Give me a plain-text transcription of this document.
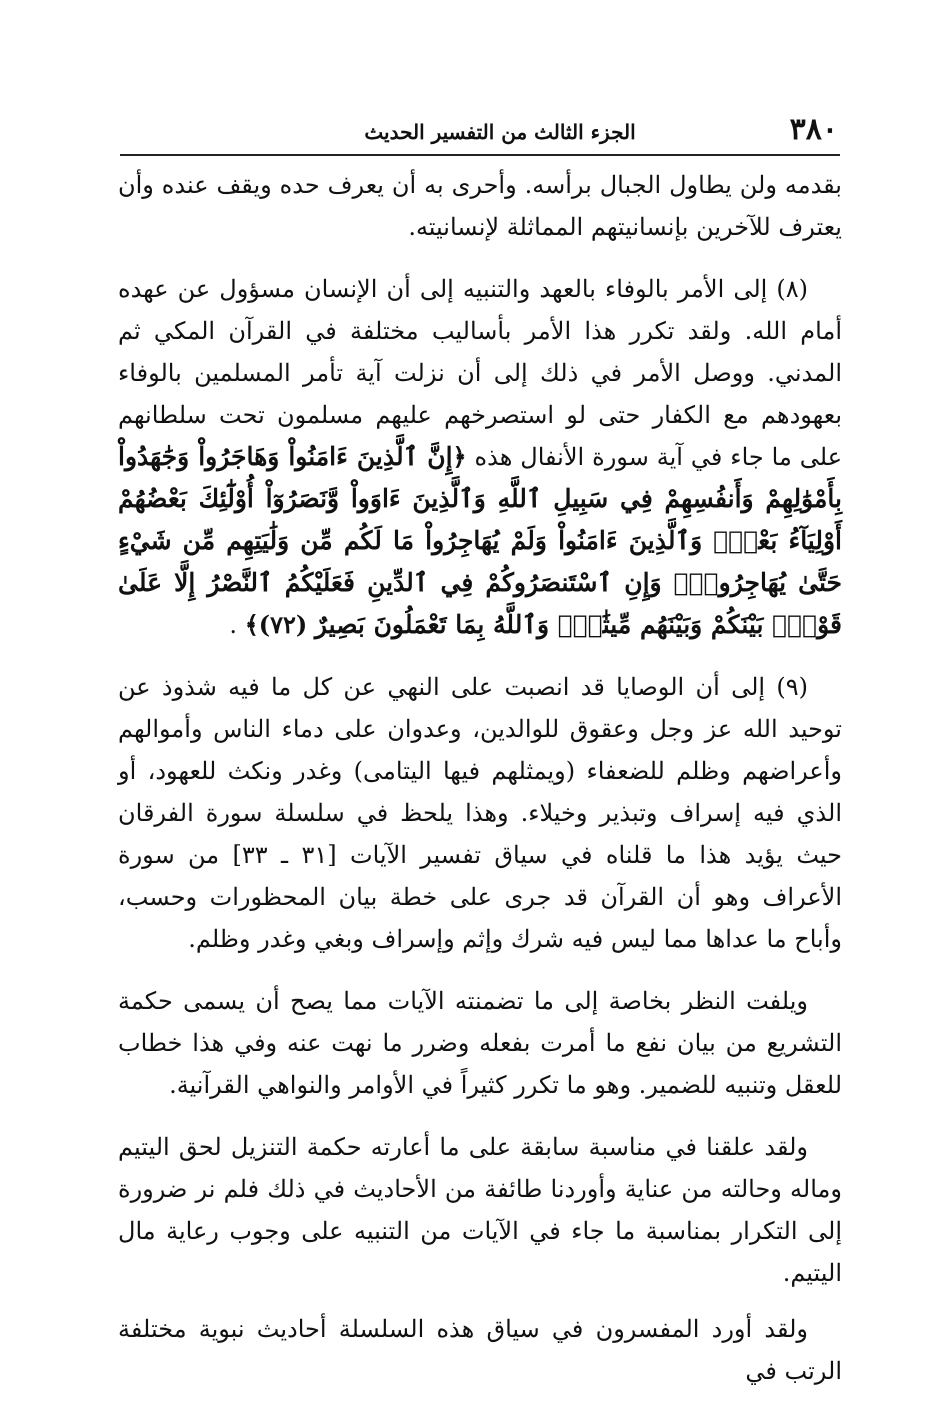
٣٨٠
الجزء الثالث من التفسير الحديث

بقدمه ولن يطاول الجبال برأسه. وأحرى به أن يعرف حده ويقف عنده وأن يعترف للآخرين بإنسانيتهم المماثلة لإنسانيته.

(٨) إلى الأمر بالوفاء بالعهد والتنبيه إلى أن الإنسان مسؤول عن عهده أمام الله. ولقد تكرر هذا الأمر بأساليب مختلفة في القرآن المكي ثم المدني. ووصل الأمر في ذلك إلى أن نزلت آية تأمر المسلمين بالوفاء بعهودهم مع الكفار حتى لو استصرخهم عليهم مسلمون تحت سلطانهم على ما جاء في آية سورة الأنفال هذه ﴿إِنَّ ٱلَّذِينَ ءَامَنُواْ وَهَاجَرُواْ وَجَٰهَدُواْ بِأَمْوَٰلِهِمْ وَأَنفُسِهِمْ فِي سَبِيلِ ٱللَّهِ وَٱلَّذِينَ ءَاوَواْ وَّنَصَرُوٓاْ أُوْلَٰٓئِكَ بَعْضُهُمْ أَوْلِيَآءُ بَعْضٍۚ وَٱلَّذِينَ ءَامَنُواْ وَلَمْ يُهَاجِرُواْ مَا لَكُم مِّن وَلَٰيَتِهِم مِّن شَيْءٍ حَتَّىٰ يُهَاجِرُواْۚ وَإِنِ ٱسْتَنصَرُوكُمْ فِي ٱلدِّينِ فَعَلَيْكُمُ ٱلنَّصْرُ إِلَّا عَلَىٰ قَوْمِۭ بَيْنَكُمْ وَبَيْنَهُم مِّيثَٰقٌۗ وَٱللَّهُ بِمَا تَعْمَلُونَ بَصِيرٌ (٧٢)﴾ .

(٩) إلى أن الوصايا قد انصبت على النهي عن كل ما فيه شذوذ عن توحيد الله عز وجل وعقوق للوالدين، وعدوان على دماء الناس وأموالهم وأعراضهم وظلم للضعفاء (ويمثلهم فيها اليتامى) وغدر ونكث للعهود، أو الذي فيه إسراف وتبذير وخيلاء. وهذا يلحظ في سلسلة سورة الفرقان حيث يؤيد هذا ما قلناه في سياق تفسير الآيات [٣١ ـ ٣٣] من سورة الأعراف وهو أن القرآن قد جرى على خطة بيان المحظورات وحسب، وأباح ما عداها مما ليس فيه شرك وإثم وإسراف وبغي وغدر وظلم.

ويلفت النظر بخاصة إلى ما تضمنته الآيات مما يصح أن يسمى حكمة التشريع من بيان نفع ما أمرت بفعله وضرر ما نهت عنه وفي هذا خطاب للعقل وتنبيه للضمير. وهو ما تكرر كثيراً في الأوامر والنواهي القرآنية.

ولقد علقنا في مناسبة سابقة على ما أعارته حكمة التنزيل لحق اليتيم وماله وحالته من عناية وأوردنا طائفة من الأحاديث في ذلك فلم نر ضرورة إلى التكرار بمناسبة ما جاء في الآيات من التنبيه على وجوب رعاية مال اليتيم.

ولقد أورد المفسرون في سياق هذه السلسلة أحاديث نبوية مختلفة الرتب في
